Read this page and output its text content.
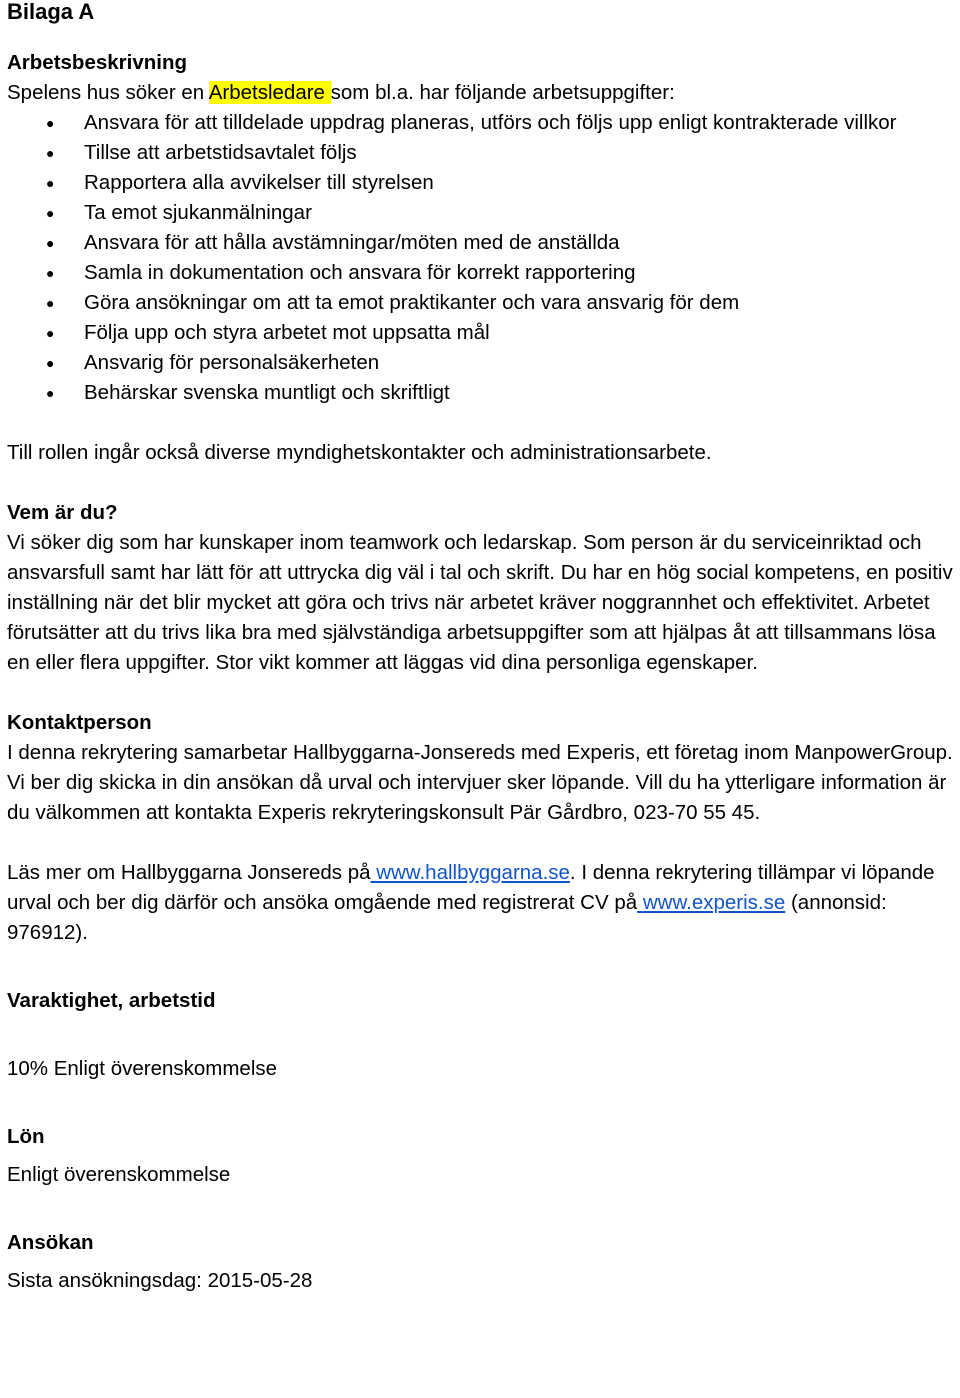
Bilaga A

Arbetsbeskrivning

Spelens hus söker en Arbetsledare som bl.a. har följande arbetsuppgifter:

● Ansvara för att tilldelade uppdrag planeras, utförs och följs upp enligt kontrakterade villkor
● Tillse att arbetstidsavtalet följs
● Rapportera alla avvikelser till styrelsen
● Ta emot sjukanmälningar
● Ansvara för att hålla avstämningar/möten med de anställda
● Samla in dokumentation och ansvara för korrekt rapportering
● Göra ansökningar om att ta emot praktikanter och vara ansvarig för dem
● Följa upp och styra arbetet mot uppsatta mål
● Ansvarig för personalsäkerheten
● Behärskar svenska muntligt och skriftligt

Till rollen ingår också diverse myndighetskontakter och administrationsarbete.

Vem är du?

Vi söker dig som har kunskaper inom teamwork och ledarskap. Som person är du serviceinriktad och ansvarsfull samt har lätt för att uttrycka dig väl i tal och skrift. Du har en hög social kompetens, en positiv inställning när det blir mycket att göra och trivs när arbetet kräver noggrannhet och effektivitet. Arbetet förutsätter att du trivs lika bra med självständiga arbetsuppgifter som att hjälpas åt att tillsammans lösa en eller flera uppgifter. Stor vikt kommer att läggas vid dina personliga egenskaper.

Kontaktperson

I denna rekrytering samarbetar Hallbyggarna-Jonsereds med Experis, ett företag inom ManpowerGroup. Vi ber dig skicka in din ansökan då urval och intervjuer sker löpande. Vill du ha ytterligare information är du välkommen att kontakta Experis rekryteringskonsult Pär Gårdbro, 023-70 55 45.

Läs mer om Hallbyggarna Jonsereds på www.hallbyggarna.se. I denna rekrytering tillämpar vi löpande urval och ber dig därför och ansöka omgående med registrerat CV på www.experis.se (annonsid: 976912).

Varaktighet, arbetstid

10% Enligt överenskommelse

Lön

Enligt överenskommelse

Ansökan

Sista ansökningsdag: 2015-05-28
